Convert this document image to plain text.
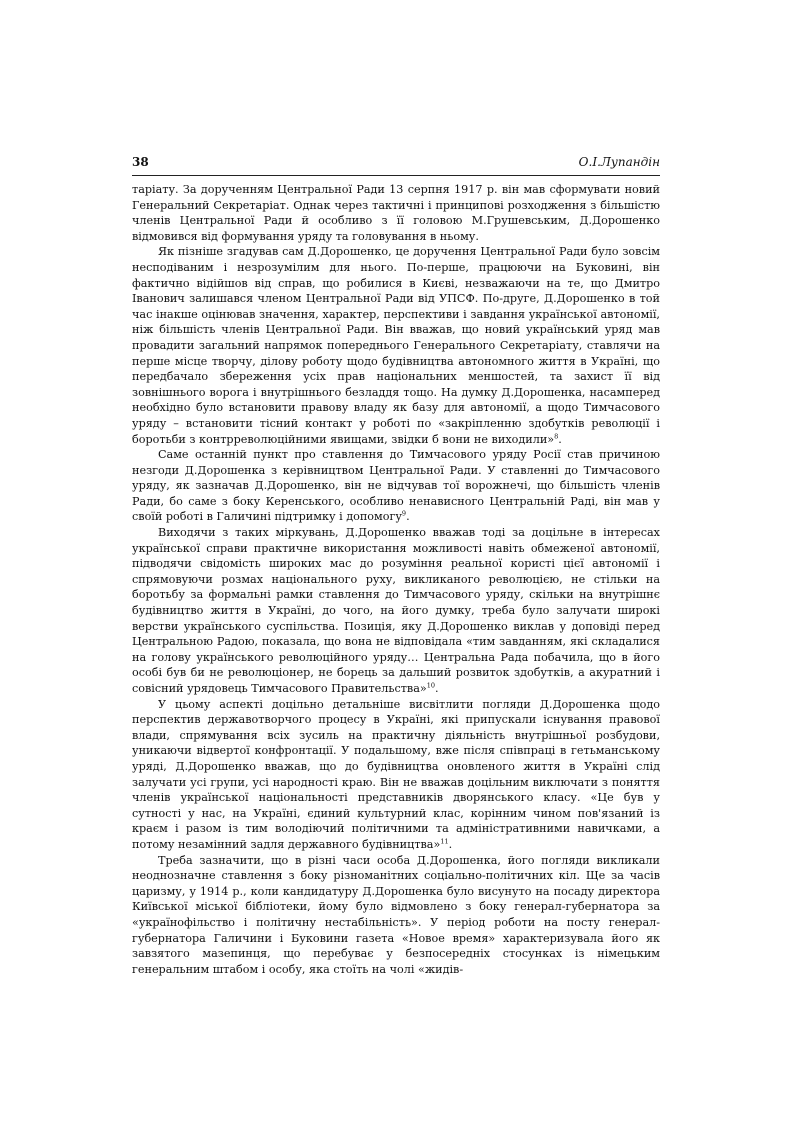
38	О.І.Лупандін

таріату. За дорученням Центральної Ради 13 серпня 1917 р. він мав сформувати новий Генеральний Секретаріат. Однак через тактичні і принципові розходження з більшістю членів Центральної Ради й особливо з її головою М.Грушевським, Д.Дорошенко відмовився від формування уряду та головування в ньому.

Як пізніше згадував сам Д.Дорошенко, це доручення Центральної Ради було зовсім несподіваним і незрозумілим для нього. По-перше, працюючи на Буковині, він фактично відійшов від справ, що робилися в Києві, незважаючи на те, що Дмитро Іванович залишався членом Центральної Ради від УПСФ. По-друге, Д.Дорошенко в той час інакше оцінював значення, характер, перспективи і завдання української автономії, ніж більшість членів Центральної Ради. Він вважав, що новий український уряд мав провадити загальний напрямок попереднього Генерального Секретаріату, ставлячи на перше місце творчу, ділову роботу щодо будівництва автономного життя в Україні, що передбачало збереження усіх прав національних меншостей, та захист її від зовнішнього ворога і внутрішнього безладдя тощо. На думку Д.Дорошенка, насамперед необхідно було встановити правову владу як базу для автономії, а щодо Тимчасового уряду – встановити тісний контакт у роботі по «закріпленню здобутків революції і боротьби з контрреволюційними явищами, звідки б вони не виходили»$^8$.

Саме останній пункт про ставлення до Тимчасового уряду Росії став причиною незгоди Д.Дорошенка з керівництвом Центральної Ради. У ставленні до Тимчасового уряду, як зазначав Д.Дорошенко, він не відчував тої ворожнечі, що більшість членів Ради, бо саме з боку Керенського, особливо ненависного Центральній Раді, він мав у своїй роботі в Галичині підтримку і допомогу$^9$.

Виходячи з таких міркувань, Д.Дорошенко вважав тоді за доцільне в інтересах української справи практичне використання можливості навіть обмеженої автономії, підводячи свідомість широких мас до розуміння реальної користі цієї автономії і спрямовуючи розмах національного руху, викликаного революцією, не стільки на боротьбу за формальні рамки ставлення до Тимчасового уряду, скільки на внутрішнє будівництво життя в Україні, до чого, на його думку, треба було залучати широкі верстви українського суспільства. Позиція, яку Д.Дорошенко виклав у доповіді перед Центральною Радою, показала, що вона не відповідала «тим завданням, які складалися на голову українського революційного уряду… Центральна Рада побачила, що в його особі був би не революціонер, не борець за дальший розвиток здобутків, а акуратний і совісний урядовець Тимчасового Правительства»$^{10}$.

У цьому аспекті доцільно детальніше висвітлити погляди Д.Дорошенка щодо перспектив державотворчого процесу в Україні, які припускали існування правової влади, спрямування всіх зусиль на практичну діяльність внутрішньої розбудови, уникаючи відвертої конфронтації. У подальшому, вже після співпраці в гетьманському уряді, Д.Дорошенко вважав, що до будівництва оновленого життя в Україні слід залучати усі групи, усі народності краю. Він не вважав доцільним виключати з поняття членів української національності представників дворянського класу. «Це був у сутності у нас, на Україні, єдиний культурний клас, корінним чином пов'язаний із краєм і разом із тим володіючий політичними та адміністративними навичками, а потому незамінний задля державного будівництва»$^{11}$.

Треба зазначити, що в різні часи особа Д.Дорошенка, його погляди викликали неоднозначне ставлення з боку різноманітних соціально-політичних кіл. Ще за часів царизму, у 1914 р., коли кандидатуру Д.Дорошенка було висунуто на посаду директора Київської міської бібліотеки, йому було відмовлено з боку генерал-губернатора за «українофільство і політичну нестабільність». У період роботи на посту генерал-губернатора Галичини і Буковини газета «Новое время» характеризувала його як завзятого мазепинця, що перебуває у безпосередніх стосунках із німецьким генеральним штабом і особу, яка стоїть на чолі «жидів-
